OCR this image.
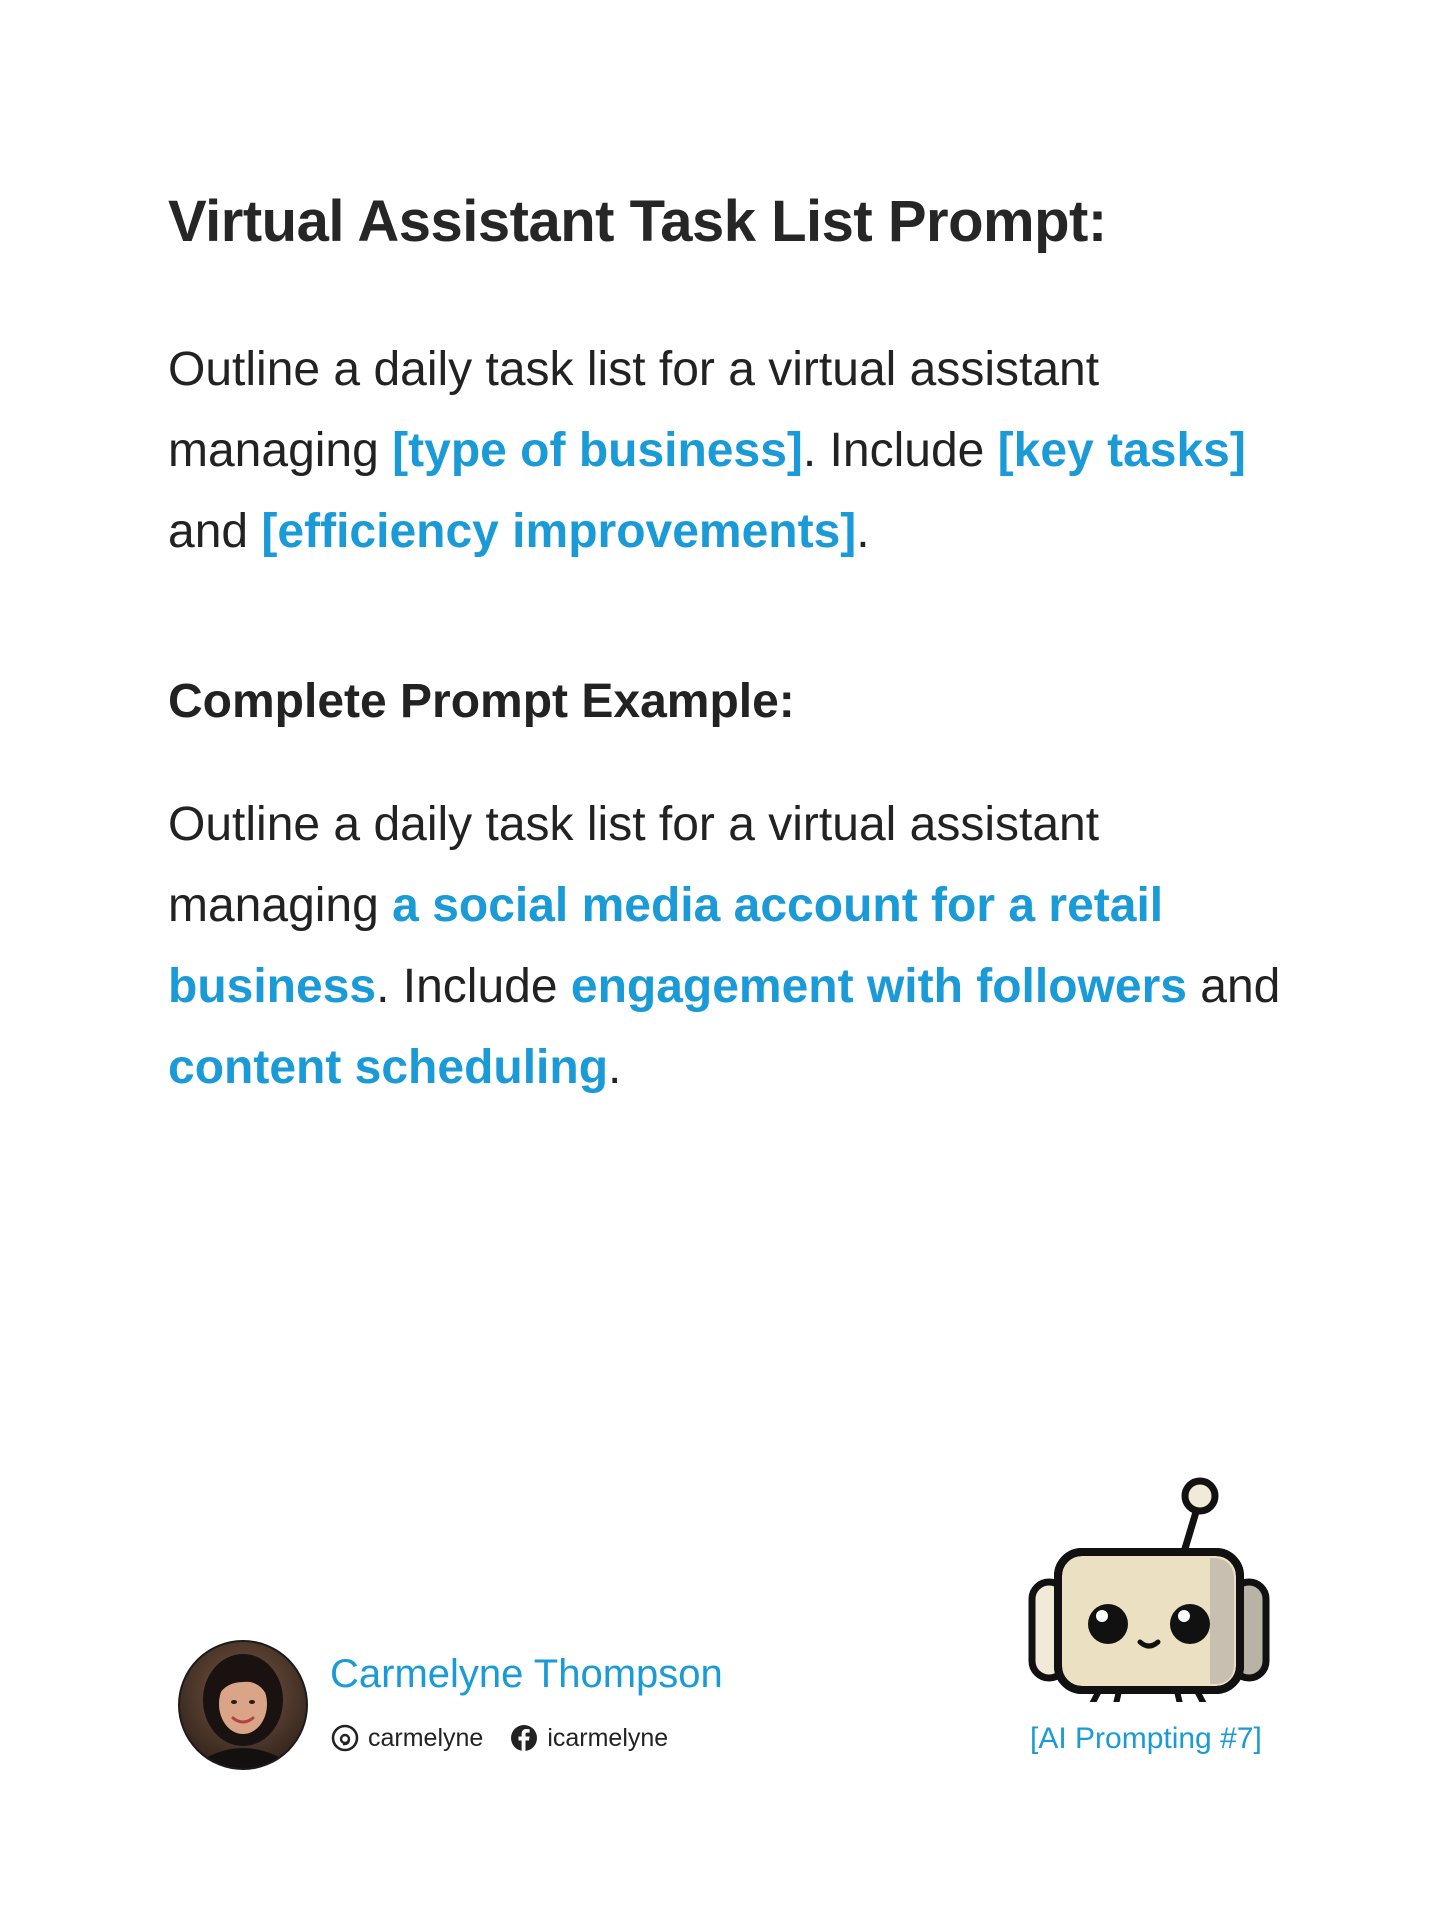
Virtual Assistant Task List Prompt:

Outline a daily task list for a virtual assistant managing [type of business]. Include [key tasks] and [efficiency improvements].

Complete Prompt Example:

Outline a daily task list for a virtual assistant managing a social media account for a retail business. Include engagement with followers and content scheduling.

Carmelyne Thompson
carmelyne	icarmelyne	[AI Prompting #7]
